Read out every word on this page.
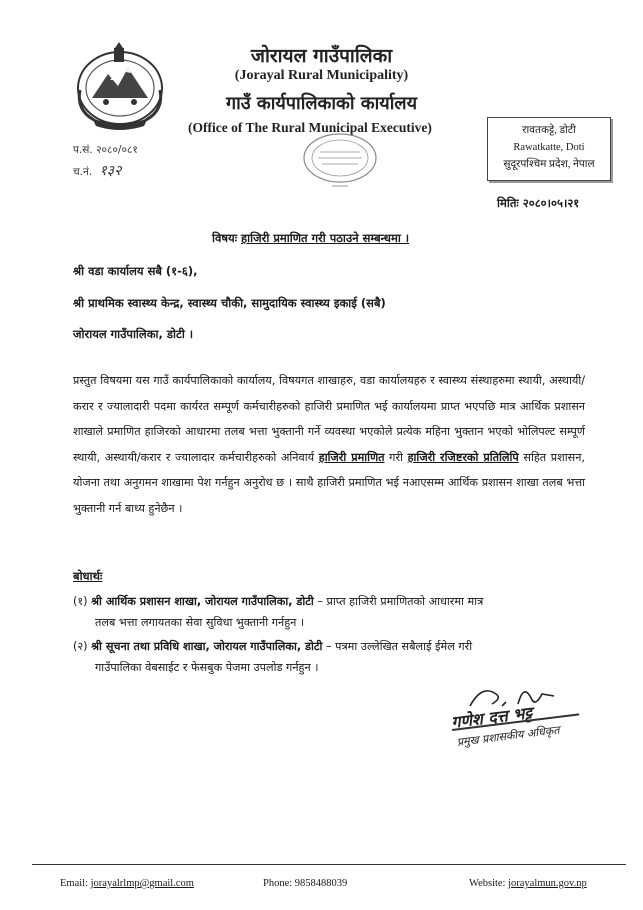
जोरायल गाउँपालिका
(Jorayal Rural Municipality)
गाउँ कार्यपालिकाको कार्यालय
(Office of The Rural Municipal Executive)	रावतकट्टे, डोटी
Rawatkatte, Doti
सुदूरपश्चिम प्रदेश, नेपाल
प.सं. २०८०/०८१
च.नं. १३२
मितिः २०८०।०५।२१
विषयः हाजिरी प्रमाणित गरी पठाउने सम्बन्धमा ।
श्री वडा कार्यालय सबै (१-६),
श्री प्राथमिक स्वास्थ्य केन्द्र, स्वास्थ्य चौकी, सामुदायिक स्वास्थ्य इकाई (सबै)
जोरायल गाउँपालिका, डोटी ।
प्रस्तुत विषयमा यस गाउँ कार्यपालिकाको कार्यालय, विषयगत शाखाहरु, वडा कार्यालयहरु र स्वास्थ्य संस्थाहरुमा स्थायी, अस्थायी/करार र ज्यालादारी पदमा कार्यरत सम्पूर्ण कर्मचारीहरुको हाजिरी प्रमाणित भई कार्यालयमा प्राप्त भएपछि मात्र आर्थिक प्रशासन शाखाले प्रमाणित हाजिरको आधारमा तलब भत्ता भुक्तानी गर्ने व्यवस्था भएकोले प्रत्येक महिना भुक्तान भएको भोलिपल्ट सम्पूर्ण स्थायी, अस्थायी/करार र ज्यालादार कर्मचारीहरुको अनिवार्य हाजिरी प्रमाणित गरी हाजिरी रजिष्टरको प्रतिलिपि सहित प्रशासन, योजना तथा अनुगमन शाखामा पेश गर्नहुन अनुरोध छ । साथै हाजिरी प्रमाणित भई नआएसम्म आर्थिक प्रशासन शाखा तलब भत्ता भुक्तानी गर्न बाध्य हुनेछैन ।
बोधार्थः
(१) श्री आर्थिक प्रशासन शाखा, जोरायल गाउँपालिका, डोटी – प्राप्त हाजिरी प्रमाणितको आधारमा मात्र
तलब भत्ता लगायतका सेवा सुविधा भुक्तानी गर्नहुन ।
(२) श्री सूचना तथा प्रविधि शाखा, जोरायल गाउँपालिका, डोटी – पत्रमा उल्लेखित सबैलाई ईमेल गरी
गाउँपालिका वेबसाईट र फेसबुक पेजमा उपलोड गर्नहुन ।
गणेश दत्त भट्ट
प्रमुख प्रशासकीय अधिकृत
Email: jorayalrlmp@gmail.com	Phone: 9858488039	Website: jorayalmun.gov.np
